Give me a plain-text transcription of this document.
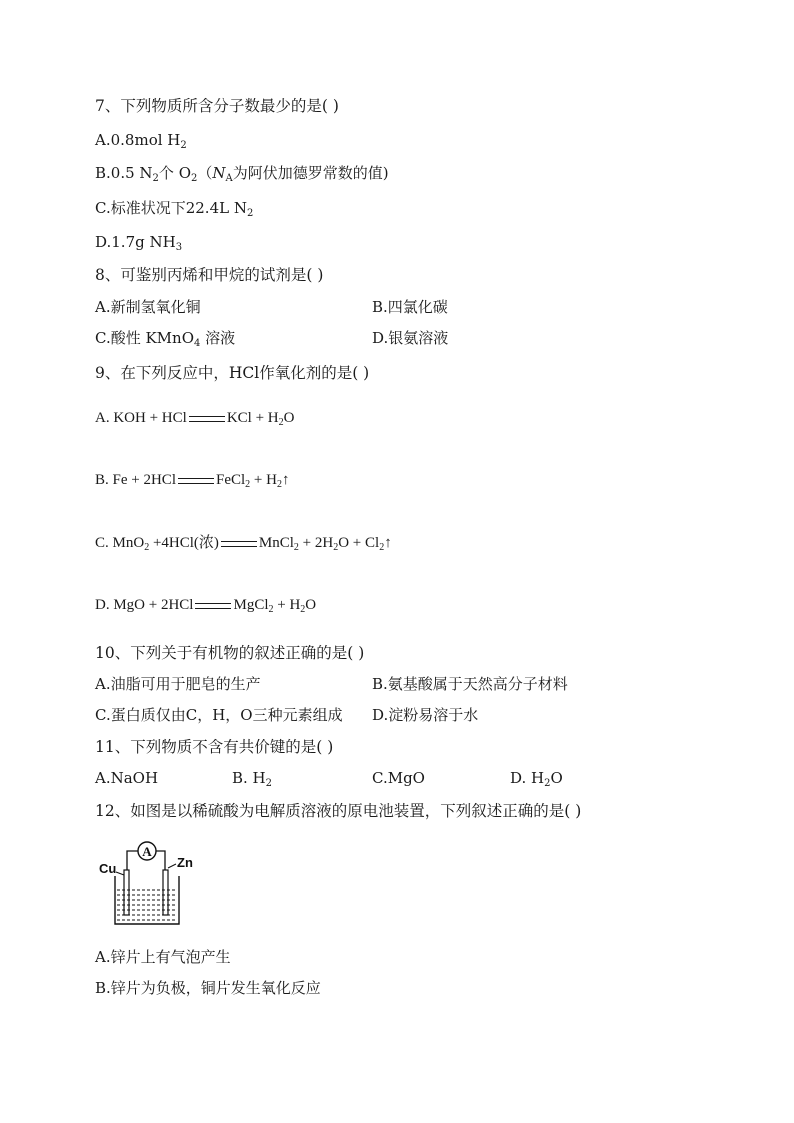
7、下列物质所含分子数最少的是( )
A.0.8mol $H_2$
B.0.5 $N_2$个 $O_2(N_A$为阿伏加德罗常数的值)
C.标准状况下22.4L $N_2$
D.1.7g $NH_3$
8、可鉴别丙烯和甲烷的试剂是( )
A.新制氢氧化铜	B.四氯化碳
C.酸性 KMnO$_4$ 溶液	D.银氨溶液
9、在下列反应中，HCl作氧化剂的是( )
A. KOH + HCl	KCl + $H_2O$
B. Fe + 2HCl	FeCl$_2$ + $H_2↑$
C. MnO$_2$ +4HCl(浓)	MnCl$_2$ + $2H_2O$ + $Cl_2↑$
D. MgO + 2HCl	MgCl$_2$ + $H_2O$
10、下列关于有机物的叙述正确的是( )
A.油脂可用于肥皂的生产	B.氨基酸属于天然高分子材料
C.蛋白质仅由C，H，O三种元素组成 D.淀粉易溶于水
11、下列物质不含有共价键的是( )
A.NaOH	B. $H_2$	C.MgO	D. $H_2O$
12、如图是以稀硫酸为电解质溶液的原电池装置，下列叙述正确的是( )
A
Cu	Zn
A.锌片上有气泡产生
B.锌片为负极，铜片发生氧化反应
